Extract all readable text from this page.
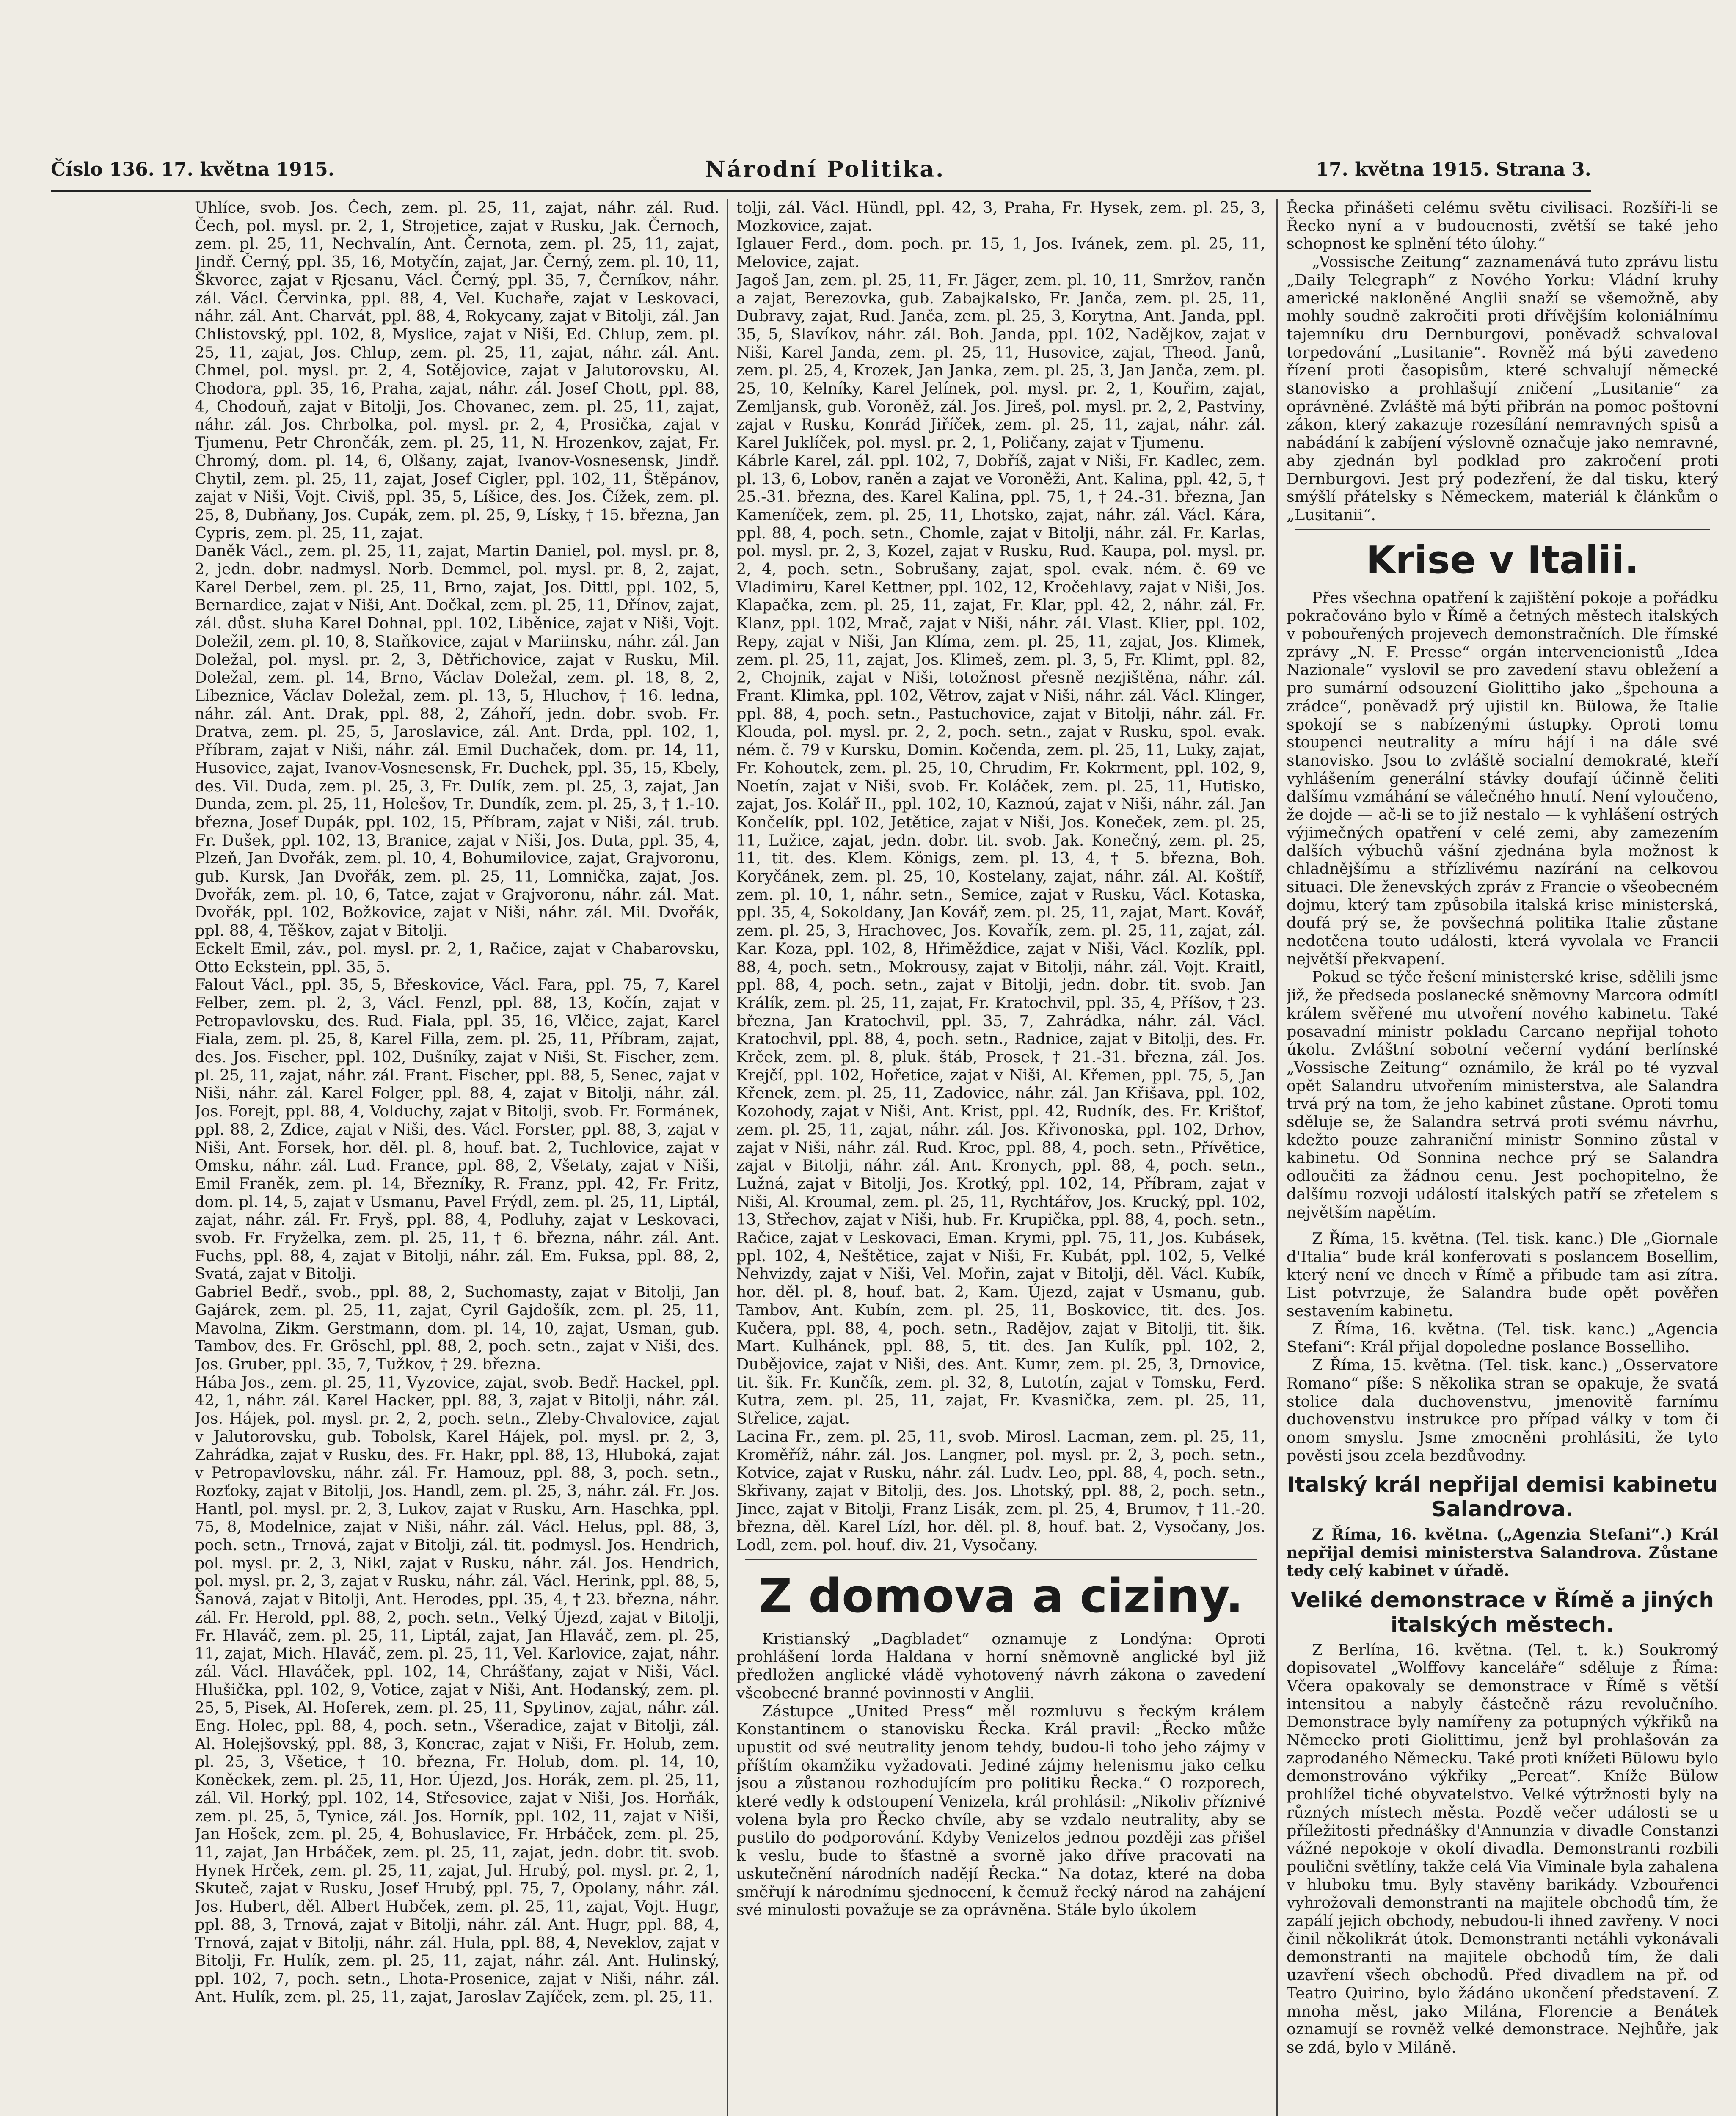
Číslo 136. 17. května 1915.	Národní Politika.	17. května 1915. Strana 3.

Uhlíce, svob. Jos. Čech, zem. pl. 25, 11, zajat, náhr. zál. Rud. Čech, pol. mysl. pr. 2, 1, Strojetice, zajat v Rusku, Jak. Černoch, zem. pl. 25, 11, Nechvalín, Ant. Černota, zem. pl. 25, 11, zajat, Jindř. Černý, ppl. 35, 16, Motyčín, zajat, Jar. Černý, zem. pl. 10, 11, Škvorec, zajat v Rjesanu, Václ. Černý, ppl. 35, 7, Černíkov, náhr. zál. Václ. Červinka, ppl. 88, 4, Vel. Kuchaře, zajat v Leskovaci, náhr. zál. Ant. Charvát, ppl. 88, 4, Rokycany, zajat v Bitolji, zál. Jan Chlistovský, ppl. 102, 8, Myslice, zajat v Niši, Ed. Chlup, zem. pl. 25, 11, zajat, Jos. Chlup, zem. pl. 25, 11, zajat, náhr. zál. Ant. Chmel, pol. mysl. pr. 2, 4, Sotějovice, zajat v Jalutorovsku, Al. Chodora, ppl. 35, 16, Praha, zajat, náhr. zál. Josef Chott, ppl. 88, 4, Chodouň, zajat v Bitolji, Jos. Chovanec, zem. pl. 25, 11, zajat, náhr. zál. Jos. Chrbolka, pol. mysl. pr. 2, 4, Prosička, zajat v Tjumenu, Petr Chrončák, zem. pl. 25, 11, N. Hrozenkov, zajat, Fr. Chromý, dom. pl. 14, 6, Olšany, zajat, Ivanov-Vosnesensk, Jindř. Chytil, zem. pl. 25, 11, zajat, Josef Cigler, ppl. 102, 11, Štěpánov, zajat v Niši, Vojt. Civiš, ppl. 35, 5, Líšice, des. Jos. Čížek, zem. pl. 25, 8, Dubňany, Jos. Cupák, zem. pl. 25, 9, Lísky, † 15. března, Jan Cypris, zem. pl. 25, 11, zajat.

Daněk Václ., zem. pl. 25, 11, zajat, Martin Daniel, pol. mysl. pr. 8, 2, jedn. dobr. nadmysl. Norb. Demmel, pol. mysl. pr. 8, 2, zajat, Karel Derbel, zem. pl. 25, 11, Brno, zajat, Jos. Dittl, ppl. 102, 5, Bernardice, zajat v Niši, Ant. Dočkal, zem. pl. 25, 11, Dřínov, zajat, zál. důst. sluha Karel Dohnal, ppl. 102, Liběnice, zajat v Niši, Vojt. Doležil, zem. pl. 10, 8, Staňkovice, zajat v Mariinsku, náhr. zál. Jan Doležal, pol. mysl. pr. 2, 3, Dětřichovice, zajat v Rusku, Mil. Doležal, zem. pl. 14, Brno, Václav Doležal, zem. pl. 18, 8, 2, Libeznice, Václav Doležal, zem. pl. 13, 5, Hluchov, † 16. ledna, náhr. zál. Ant. Drak, ppl. 88, 2, Záhoří, jedn. dobr. svob. Fr. Dratva, zem. pl. 25, 5, Jaroslavice, zál. Ant. Drda, ppl. 102, 1, Příbram, zajat v Niši, náhr. zál. Emil Duchaček, dom. pr. 14, 11, Husovice, zajat, Ivanov-Vosnesensk, Fr. Duchek, ppl. 35, 15, Kbely, des. Vil. Duda, zem. pl. 25, 3, Fr. Dulík, zem. pl. 25, 3, zajat, Jan Dunda, zem. pl. 25, 11, Holešov, Tr. Dundík, zem. pl. 25, 3, † 1.-10. března, Josef Dupák, ppl. 102, 15, Příbram, zajat v Niši, zál. trub. Fr. Dušek, ppl. 102, 13, Branice, zajat v Niši, Jos. Duta, ppl. 35, 4, Plzeň, Jan Dvořák, zem. pl. 10, 4, Bohumilovice, zajat, Grajvoronu, gub. Kursk, Jan Dvořák, zem. pl. 25, 11, Lomnička, zajat, Jos. Dvořák, zem. pl. 10, 6, Tatce, zajat v Grajvoronu, náhr. zál. Mat. Dvořák, ppl. 102, Božkovice, zajat v Niši, náhr. zál. Mil. Dvořák, ppl. 88, 4, Těškov, zajat v Bitolji.

Eckelt Emil, záv., pol. mysl. pr. 2, 1, Račice, zajat v Chabarovsku, Otto Eckstein, ppl. 35, 5.

Falout Václ., ppl. 35, 5, Břeskovice, Václ. Fara, ppl. 75, 7, Karel Felber, zem. pl. 2, 3, Václ. Fenzl, ppl. 88, 13, Kočín, zajat v Petropavlovsku, des. Rud. Fiala, ppl. 35, 16, Vlčice, zajat, Karel Fiala, zem. pl. 25, 8, Karel Filla, zem. pl. 25, 11, Příbram, zajat, des. Jos. Fischer, ppl. 102, Dušníky, zajat v Niši, St. Fischer, zem. pl. 25, 11, zajat, náhr. zál. Frant. Fischer, ppl. 88, 5, Senec, zajat v Niši, náhr. zál. Karel Folger, ppl. 88, 4, zajat v Bitolji, náhr. zál. Jos. Forejt, ppl. 88, 4, Volduchy, zajat v Bitolji, svob. Fr. Formánek, ppl. 88, 2, Zdice, zajat v Niši, des. Václ. Forster, ppl. 88, 3, zajat v Niši, Ant. Forsek, hor. děl. pl. 8, houf. bat. 2, Tuchlovice, zajat v Omsku, náhr. zál. Lud. France, ppl. 88, 2, Všetaty, zajat v Niši, Emil Franěk, zem. pl. 14, Březníky, R. Franz, ppl. 42, Fr. Fritz, dom. pl. 14, 5, zajat v Usmanu, Pavel Frýdl, zem. pl. 25, 11, Liptál, zajat, náhr. zál. Fr. Fryš, ppl. 88, 4, Podluhy, zajat v Leskovaci, svob. Fr. Fryželka, zem. pl. 25, 11, † 6. března, náhr. zál. Ant. Fuchs, ppl. 88, 4, zajat v Bitolji, náhr. zál. Em. Fuksa, ppl. 88, 2, Svatá, zajat v Bitolji.

Gabriel Bedř., svob., ppl. 88, 2, Suchomasty, zajat v Bitolji, Jan Gajárek, zem. pl. 25, 11, zajat, Cyril Gajdošík, zem. pl. 25, 11, Mavolna, Zikm. Gerstmann, dom. pl. 14, 10, zajat, Usman, gub. Tambov, des. Fr. Gröschl, ppl. 88, 2, poch. setn., zajat v Niši, des. Jos. Gruber, ppl. 35, 7, Tužkov, † 29. března.

Hába Jos., zem. pl. 25, 11, Vyzovice, zajat, svob. Bedř. Hackel, ppl. 42, 1, náhr. zál. Karel Hacker, ppl. 88, 3, zajat v Bitolji, náhr. zál. Jos. Hájek, pol. mysl. pr. 2, 2, poch. setn., Zleby-Chvalovice, zajat v Jalutorovsku, gub. Tobolsk, Karel Hájek, pol. mysl. pr. 2, 3, Zahrádka, zajat v Rusku, des. Fr. Hakr, ppl. 88, 13, Hluboká, zajat v Petropavlovsku, náhr. zál. Fr. Hamouz, ppl. 88, 3, poch. setn., Rozťoky, zajat v Bitolji, Jos. Handl, zem. pl. 25, 3, náhr. zál. Fr. Jos. Hantl, pol. mysl. pr. 2, 3, Lukov, zajat v Rusku, Arn. Haschka, ppl. 75, 8, Modelnice, zajat v Niši, náhr. zál. Václ. Helus, ppl. 88, 3, poch. setn., Trnová, zajat v Bitolji, zál. tit. podmysl. Jos. Hendrich, pol. mysl. pr. 2, 3, Nikl, zajat v Rusku, náhr. zál. Jos. Hendrich, pol. mysl. pr. 2, 3, zajat v Rusku, náhr. zál. Václ. Herink, ppl. 88, 5, Šanová, zajat v Bitolji, Ant. Herodes, ppl. 35, 4, † 23. března, náhr. zál. Fr. Herold, ppl. 88, 2, poch. setn., Velký Újezd, zajat v Bitolji, Fr. Hlaváč, zem. pl. 25, 11, Liptál, zajat, Jan Hlaváč, zem. pl. 25, 11, zajat, Mich. Hlaváč, zem. pl. 25, 11, Vel. Karlovice, zajat, náhr. zál. Václ. Hlaváček, ppl. 102, 14, Chrášťany, zajat v Niši, Václ. Hlušička, ppl. 102, 9, Votice, zajat v Niši, Ant. Hodanský, zem. pl. 25, 5, Pisek, Al. Hoferek, zem. pl. 25, 11, Spytinov, zajat, náhr. zál. Eng. Holec, ppl. 88, 4, poch. setn., Všeradice, zajat v Bitolji, zál. Al. Holejšovský, ppl. 88, 3, Koncrac, zajat v Niši, Fr. Holub, zem. pl. 25, 3, Všetice, † 10. března, Fr. Holub, dom. pl. 14, 10, Koněckek, zem. pl. 25, 11, Hor. Újezd, Jos. Horák, zem. pl. 25, 11, zál. Vil. Horký, ppl. 102, 14, Střesovice, zajat v Niši, Jos. Horňák, zem. pl. 25, 5, Tynice, zál. Jos. Horník, ppl. 102, 11, zajat v Niši, Jan Hošek, zem. pl. 25, 4, Bohuslavice, Fr. Hrbáček, zem. pl. 25, 11, zajat, Jan Hrbáček, zem. pl. 25, 11, zajat, jedn. dobr. tit. svob. Hynek Hrček, zem. pl. 25, 11, zajat, Jul. Hrubý, pol. mysl. pr. 2, 1, Skuteč, zajat v Rusku, Josef Hrubý, ppl. 75, 7, Opolany, náhr. zál. Jos. Hubert, děl. Albert Hubček, zem. pl. 25, 11, zajat, Vojt. Hugr, ppl. 88, 3, Trnová, zajat v Bitolji, náhr. zál. Ant. Hugr, ppl. 88, 4, Trnová, zajat v Bitolji, náhr. zál. Hula, ppl. 88, 4, Neveklov, zajat v Bitolji, Fr. Hulík, zem. pl. 25, 11, zajat, náhr. zál. Ant. Hulinský, ppl. 102, 7, poch. setn., Lhota-Prosenice, zajat v Niši, náhr. zál. Ant. Hulík, zem. pl. 25, 11, zajat, Jaroslav Zajíček, zem. pl. 25, 11.

tolji, zál. Václ. Hündl, ppl. 42, 3, Praha, Fr. Hysek, zem. pl. 25, 3, Mozkovice, zajat.

Iglauer Ferd., dom. poch. pr. 15, 1, Jos. Ivánek, zem. pl. 25, 11, Melovice, zajat.

Jagoš Jan, zem. pl. 25, 11, Fr. Jäger, zem. pl. 10, 11, Smržov, raněn a zajat, Berezovka, gub. Zabajkalsko, Fr. Janča, zem. pl. 25, 11, Dubravy, zajat, Rud. Janča, zem. pl. 25, 3, Korytna, Ant. Janda, ppl. 35, 5, Slavíkov, náhr. zál. Boh. Janda, ppl. 102, Nadějkov, zajat v Niši, Karel Janda, zem. pl. 25, 11, Husovice, zajat, Theod. Janů, zem. pl. 25, 4, Krozek, Jan Janka, zem. pl. 25, 3, Jan Janča, zem. pl. 25, 10, Kelníky, Karel Jelínek, pol. mysl. pr. 2, 1, Kouřim, zajat, Zemljansk, gub. Voroněž, zál. Jos. Jireš, pol. mysl. pr. 2, 2, Pastviny, zajat v Rusku, Konrád Jiříček, zem. pl. 25, 11, zajat, náhr. zál. Karel Juklíček, pol. mysl. pr. 2, 1, Poličany, zajat v Tjumenu.

Kábrle Karel, zál. ppl. 102, 7, Dobříš, zajat v Niši, Fr. Kadlec, zem. pl. 13, 6, Lobov, raněn a zajat ve Voroněži, Ant. Kalina, ppl. 42, 5, † 25.-31. března, des. Karel Kalina, ppl. 75, 1, † 24.-31. března, Jan Kameníček, zem. pl. 25, 11, Lhotsko, zajat, náhr. zál. Václ. Kára, ppl. 88, 4, poch. setn., Chomle, zajat v Bitolji, náhr. zál. Fr. Karlas, pol. mysl. pr. 2, 3, Kozel, zajat v Rusku, Rud. Kaupa, pol. mysl. pr. 2, 4, poch. setn., Sobrušany, zajat, spol. evak. ném. č. 69 ve Vladimiru, Karel Kettner, ppl. 102, 12, Kročehlavy, zajat v Niši, Jos. Klapačka, zem. pl. 25, 11, zajat, Fr. Klar, ppl. 42, 2, náhr. zál. Fr. Klanz, ppl. 102, Mrač, zajat v Niši, náhr. zál. Vlast. Klier, ppl. 102, Repy, zajat v Niši, Jan Klíma, zem. pl. 25, 11, zajat, Jos. Klimek, zem. pl. 25, 11, zajat, Jos. Klimeš, zem. pl. 3, 5, Fr. Klimt, ppl. 82, 2, Chojnik, zajat v Niši, totožnost přesně nezjištěna, náhr. zál. Frant. Klimka, ppl. 102, Větrov, zajat v Niši, náhr. zál. Václ. Klinger, ppl. 88, 4, poch. setn., Pastuchovice, zajat v Bitolji, náhr. zál. Fr. Klouda, pol. mysl. pr. 2, 2, poch. setn., zajat v Rusku, spol. evak. ném. č. 79 v Kursku, Domin. Kočenda, zem. pl. 25, 11, Luky, zajat, Fr. Kohoutek, zem. pl. 25, 10, Chrudim, Fr. Kokrment, ppl. 102, 9, Noetín, zajat v Niši, svob. Fr. Koláček, zem. pl. 25, 11, Hutisko, zajat, Jos. Kolář II., ppl. 102, 10, Kaznoú, zajat v Niši, náhr. zál. Jan Končelík, ppl. 102, Jetětice, zajat v Niši, Jos. Koneček, zem. pl. 25, 11, Lužice, zajat, jedn. dobr. tit. svob. Jak. Konečný, zem. pl. 25, 11, tit. des. Klem. Königs, zem. pl. 13, 4, † 5. března, Boh. Koryčánek, zem. pl. 25, 10, Kostelany, zajat, náhr. zál. Al. Koštíř, zem. pl. 10, 1, náhr. setn., Semice, zajat v Rusku, Václ. Kotaska, ppl. 35, 4, Sokoldany, Jan Kovář, zem. pl. 25, 11, zajat, Mart. Kovář, zem. pl. 25, 3, Hrachovec, Jos. Kovařík, zem. pl. 25, 11, zajat, zál. Kar. Koza, ppl. 102, 8, Hřiměždice, zajat v Niši, Václ. Kozlík, ppl. 88, 4, poch. setn., Mokrousy, zajat v Bitolji, náhr. zál. Vojt. Kraitl, ppl. 88, 4, poch. setn., zajat v Bitolji, jedn. dobr. tit. svob. Jan Králík, zem. pl. 25, 11, zajat, Fr. Kratochvil, ppl. 35, 4, Příšov, † 23. března, Jan Kratochvil, ppl. 35, 7, Zahrádka, náhr. zál. Václ. Kratochvil, ppl. 88, 4, poch. setn., Radnice, zajat v Bitolji, des. Fr. Krček, zem. pl. 8, pluk. štáb, Prosek, † 21.-31. března, zál. Jos. Krejčí, ppl. 102, Hořetice, zajat v Niši, Al. Křemen, ppl. 75, 5, Jan Křenek, zem. pl. 25, 11, Zadovice, náhr. zál. Jan Křišava, ppl. 102, Kozohody, zajat v Niši, Ant. Krist, ppl. 42, Rudník, des. Fr. Krištof, zem. pl. 25, 11, zajat, náhr. zál. Jos. Křivonoska, ppl. 102, Drhov, zajat v Niši, náhr. zál. Rud. Kroc, ppl. 88, 4, poch. setn., Přívětice, zajat v Bitolji, náhr. zál. Ant. Kronych, ppl. 88, 4, poch. setn., Lužná, zajat v Bitolji, Jos. Krotký, ppl. 102, 14, Příbram, zajat v Niši, Al. Kroumal, zem. pl. 25, 11, Rychtářov, Jos. Krucký, ppl. 102, 13, Střechov, zajat v Niši, hub. Fr. Krupička, ppl. 88, 4, poch. setn., Račice, zajat v Leskovaci, Eman. Krymi, ppl. 75, 11, Jos. Kubásek, ppl. 102, 4, Neštětice, zajat v Niši, Fr. Kubát, ppl. 102, 5, Velké Nehvizdy, zajat v Niši, Vel. Mořin, zajat v Bitolji, děl. Václ. Kubík, hor. děl. pl. 8, houf. bat. 2, Kam. Újezd, zajat v Usmanu, gub. Tambov, Ant. Kubín, zem. pl. 25, 11, Boskovice, tit. des. Jos. Kučera, ppl. 88, 4, poch. setn., Radějov, zajat v Bitolji, tit. šik. Mart. Kulhánek, ppl. 88, 5, tit. des. Jan Kulík, ppl. 102, 2, Dubějovice, zajat v Niši, des. Ant. Kumr, zem. pl. 25, 3, Drnovice, tit. šik. Fr. Kunčík, zem. pl. 32, 8, Lutotín, zajat v Tomsku, Ferd. Kutra, zem. pl. 25, 11, zajat, Fr. Kvasnička, zem. pl. 25, 11, Střelice, zajat.

Lacina Fr., zem. pl. 25, 11, svob. Mirosl. Lacman, zem. pl. 25, 11, Kroměříž, náhr. zál. Jos. Langner, pol. mysl. pr. 2, 3, poch. setn., Kotvice, zajat v Rusku, náhr. zál. Ludv. Leo, ppl. 88, 4, poch. setn., Skřivany, zajat v Bitolji, des. Jos. Lhotský, ppl. 88, 2, poch. setn., Jince, zajat v Bitolji, Franz Lisák, zem. pl. 25, 4, Brumov, † 11.-20. března, děl. Karel Lízl, hor. děl. pl. 8, houf. bat. 2, Vysočany, Jos. Lodl, zem. pol. houf. div. 21, Vysočany.

Z domova a ciziny.

Kristianský „Dagbladet“ oznamuje z Londýna: Oproti prohlášení lorda Haldana v horní sněmovně anglické byl již předložen anglické vládě vyhotovený návrh zákona o zavedení všeobecné branné povinnosti v Anglii.

Zástupce „United Press“ měl rozmluvu s řeckým králem Konstantinem o stanovisku Řecka. Král pravil: „Řecko může upustit od své neutrality jenom tehdy, budou-li toho jeho zájmy v příštím okamžiku vyžadovati. Jediné zájmy helenismu jako celku jsou a zůstanou rozhodujícím pro politiku Řecka.“ O rozporech, které vedly k odstoupení Venizela, král prohlásil: „Nikoliv příznivé volena byla pro Řecko chvíle, aby se vzdalo neutrality, aby se pustilo do podporování. Kdyby Venizelos jednou později zas přišel k veslu, bude to šťastně a svorně jako dříve pracovati na uskutečnění národních nadějí Řecka.“ Na dotaz, které na doba směřují k národnímu sjednocení, k čemuž řecký národ na zahájení své minulosti považuje se za oprávněna. Stále bylo úkolem

Řecka přinášeti celému světu civilisaci. Rozšíři-li se Řecko nyní a v budoucnosti, zvětší se také jeho schopnost ke splnění této úlohy.“

„Vossische Zeitung“ zaznamenává tuto zprávu listu „Daily Telegraph“ z Nového Yorku: Vládní kruhy americké nakloněné Anglii snaží se všemožně, aby mohly soudně zakročiti proti dřívějším koloniálnímu tajemníku dru Dernburgovi, poněvadž schvaloval torpedování „Lusitanie“. Rovněž má býti zavedeno řízení proti časopisům, které schvalují německé stanovisko a prohlašují zničení „Lusitanie“ za oprávněné. Zvláště má býti přibrán na pomoc poštovní zákon, který zakazuje rozesílání nemravných spisů a nabádání k zabíjení výslovně označuje jako nemravné, aby zjednán byl podklad pro zakročení proti Dernburgovi. Jest prý podezření, že dal tisku, který smýšlí přátelsky s Německem, materiál k článkům o „Lusitanii“.

Krise v Italii.

Přes všechna opatření k zajištění pokoje a pořádku pokračováno bylo v Římě a četných městech italských v pobouřených projevech demonstračních. Dle římské zprávy „N. F. Presse“ orgán intervencionistů „Idea Nazionale“ vyslovil se pro zavedení stavu obležení a pro sumární odsouzení Giolittiho jako „špehouna a zrádce“, poněvadž prý ujistil kn. Bülowa, že Italie spokojí se s nabízenými ústupky. Oproti tomu stoupenci neutrality a míru hájí i na dále své stanovisko. Jsou to zvláště socialní demokraté, kteří vyhlášením generální stávky doufají účinně čeliti dalšímu vzmáhání se válečného hnutí. Není vyloučeno, že dojde — ač-li se to již nestalo — k vyhlášení ostrých výjimečných opatření v celé zemi, aby zamezením dalších výbuchů vášní zjednána byla možnost k chladnějšímu a střízlivému nazírání na celkovou situaci. Dle ženevských zpráv z Francie o všeobecném dojmu, který tam způsobila italská krise ministerská, doufá prý se, že povšechná politika Italie zůstane nedotčena touto události, která vyvolala ve Francii největší překvapení.

Pokud se týče řešení ministerské krise, sdělili jsme již, že předseda poslanecké sněmovny Marcora odmítl králem svěřené mu utvoření nového kabinetu. Také posavadní ministr pokladu Carcano nepřijal tohoto úkolu. Zvláštní sobotní večerní vydání berlínské „Vossische Zeitung“ oznámilo, že král po té vyzval opět Salandru utvořením ministerstva, ale Salandra trvá prý na tom, že jeho kabinet zůstane. Oproti tomu sděluje se, že Salandra setrvá proti svému návrhu, kdežto pouze zahraniční ministr Sonnino zůstal v kabinetu. Od Sonnina nechce prý se Salandra odloučiti za žádnou cenu. Jest pochopitelno, že dalšímu rozvoji událostí italských patří se zřetelem s největším napětím.

Z Říma, 15. května. (Tel. tisk. kanc.) Dle „Giornale d'Italia“ bude král konferovati s poslancem Bosellim, který není ve dnech v Římě a přibude tam asi zítra. List potvrzuje, že Salandra bude opět pověřen sestavením kabinetu.

Z Říma, 16. května. (Tel. tisk. kanc.) „Agencia Stefani“: Král přijal dopoledne poslance Bosselliho.

Z Říma, 15. května. (Tel. tisk. kanc.) „Osservatore Romano“ píše: S několika stran se opakuje, že svatá stolice dala duchovenstvu, jmenovitě farnímu duchovenstvu instrukce pro případ války v tom či onom smyslu. Jsme zmocněni prohlásiti, že tyto pověsti jsou zcela bezdůvodny.

Italský král nepřijal demisi kabinetu Salandrova.

Z Říma, 16. května. („Agenzia Stefani“.) Král nepřijal demisi ministerstva Salandrova. Zůstane tedy celý kabinet v úřadě.

Veliké demonstrace v Římě a jiných italských městech.

Z Berlína, 16. května. (Tel. t. k.) Soukromý dopisovatel „Wolffovy kanceláře“ sděluje z Říma: Včera opakovaly se demonstrace v Římě s větší intensitou a nabyly částečně rázu revolučního. Demonstrace byly namířeny za potupných výkřiků na Německo proti Giolittimu, jenž byl prohlašován za zaprodaného Německu. Také proti knížeti Bülowu bylo demonstrováno výkřiky „Pereat“. Kníže Bülow prohlížel tiché obyvatelstvo. Velké výtržnosti byly na různých místech města. Pozdě večer události se u příležitosti přednášky d'Annunzia v divadle Constanzi vážné nepokoje v okolí divadla. Demonstranti rozbili poulični světlíny, takže celá Via Viminale byla zahalena v hluboku tmu. Byly stavěny barikády. Vzbouřenci vyhrožovali demonstranti na majitele obchodů tím, že zapálí jejich obchody, nebudou-li ihned zavřeny. V noci činil několikrát útok. Demonstranti netáhli vykonávali demonstranti na majitele obchodů tím, že dali uzavření všech obchodů. Před divadlem na př. od Teatro Quirino, bylo žádáno ukončení představení. Z mnoha měst, jako Milána, Florencie a Benátek oznamují se rovněž velké demonstrace. Nejhůře, jak se zdá, bylo v Miláně.
